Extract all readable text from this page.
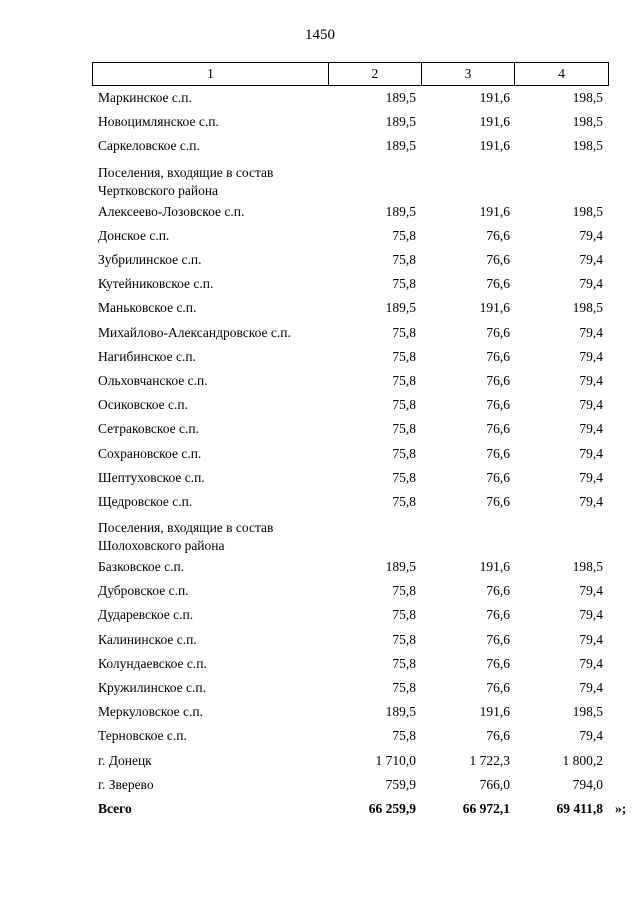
1450
1	2	3	4
Маркинское с.п.	189,5	191,6	198,5
Новоцимлянское с.п.	189,5	191,6	198,5
Саркеловское с.п.	189,5	191,6	198,5
Поселения, входящие в состав Чертковского района
Алексеево-Лозовское с.п.	189,5	191,6	198,5
Донское с.п.	75,8	76,6	79,4
Зубрилинское с.п.	75,8	76,6	79,4
Кутейниковское с.п.	75,8	76,6	79,4
Маньковское с.п.	189,5	191,6	198,5
Михайлово-Александровское с.п.	75,8	76,6	79,4
Нагибинское с.п.	75,8	76,6	79,4
Ольховчанское с.п.	75,8	76,6	79,4
Осиковское с.п.	75,8	76,6	79,4
Сетраковское с.п.	75,8	76,6	79,4
Сохрановское с.п.	75,8	76,6	79,4
Шептуховское с.п.	75,8	76,6	79,4
Щедровское с.п.	75,8	76,6	79,4
Поселения, входящие в состав Шолоховского района
Базковское с.п.	189,5	191,6	198,5
Дубровское с.п.	75,8	76,6	79,4
Дударевское с.п.	75,8	76,6	79,4
Калининское с.п.	75,8	76,6	79,4
Колундаевское с.п.	75,8	76,6	79,4
Кружилинское с.п.	75,8	76,6	79,4
Меркуловское с.п.	189,5	191,6	198,5
Терновское с.п.	75,8	76,6	79,4
г. Донецк	1 710,0	1 722,3	1 800,2
г. Зверево	759,9	766,0	794,0
Всего	66 259,9	66 972,1	69 411,8 »;
